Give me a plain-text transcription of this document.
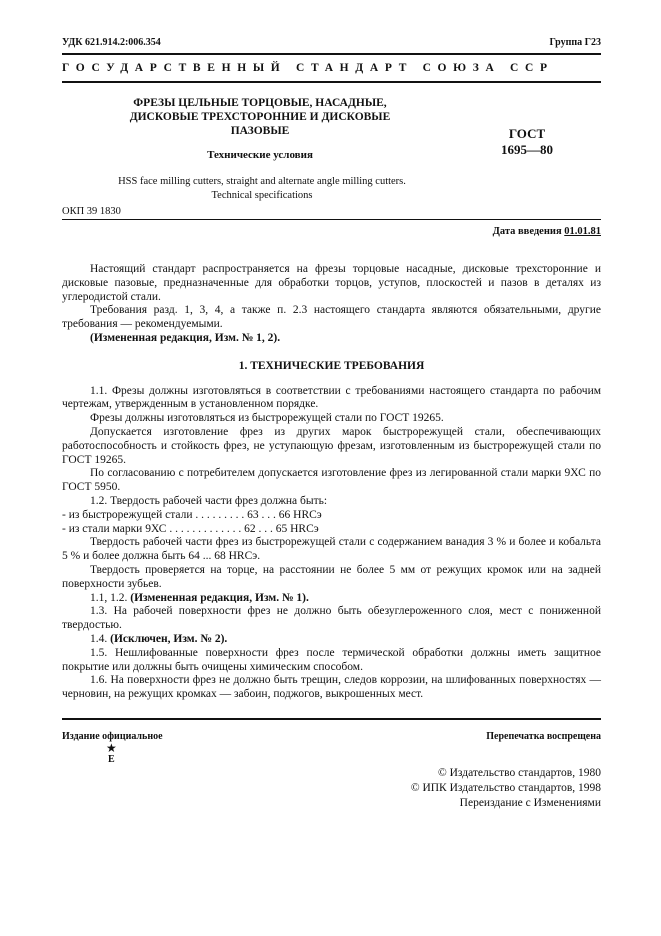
УДК 621.914.2:006.354	Группа Г23
ГОСУДАРСТВЕННЫЙ СТАНДАРТ СОЮЗА ССР
ФРЕЗЫ ЦЕЛЬНЫЕ ТОРЦОВЫЕ, НАСАДНЫЕ,
ДИСКОВЫЕ ТРЕХСТОРОННИЕ И ДИСКОВЫЕ
ПАЗОВЫЕ	ГОСТ
1695—80
Технические условия
HSS face milling cutters, straight and alternate angle milling cutters.
Technical specifications
ОКП 39 1830
Дата введения 01.01.81

Настоящий стандарт распространяется на фрезы торцовые насадные, дисковые трехсторонние и дисковые пазовые, предназначенные для обработки торцов, уступов, плоскостей и пазов в деталях из углеродистой стали.

Требования разд. 1, 3, 4, а также п. 2.3 настоящего стандарта являются обязательными, другие требования — рекомендуемыми.

(Измененная редакция, Изм. № 1, 2).

1. ТЕХНИЧЕСКИЕ ТРЕБОВАНИЯ

1.1. Фрезы должны изготовляться в соответствии с требованиями настоящего стандарта по рабочим чертежам, утвержденным в установленном порядке.

Фрезы должны изготовляться из быстрорежущей стали по ГОСТ 19265.

Допускается изготовление фрез из других марок быстрорежущей стали, обеспечивающих работоспособность и стойкость фрез, не уступающую фрезам, изготовленным из быстрорежущей стали по ГОСТ 19265.

По согласованию с потребителем допускается изготовление фрез из легированной стали марки 9ХС по ГОСТ 5950.

1.2. Твердость рабочей части фрез должна быть:

- из быстрорежущей стали . . . . . . . . . 63 . . . 66 HRCэ

- из стали марки 9ХС . . . . . . . . . . . . . 62 . . . 65 HRCэ

Твердость рабочей части фрез из быстрорежущей стали с содержанием ванадия 3 % и более и кобальта 5 % и более должна быть 64 ... 68 HRCэ.

Твердость проверяется на торце, на расстоянии не более 5 мм от режущих кромок или на задней поверхности зубьев.

1.1, 1.2. (Измененная редакция, Изм. № 1).

1.3. На рабочей поверхности фрез не должно быть обезуглероженного слоя, мест с пониженной твердостью.

1.4. (Исключен, Изм. № 2).

1.5. Нешлифованные поверхности фрез после термической обработки должны иметь защитное покрытие или должны быть очищены химическим способом.

1.6. На поверхности фрез не должно быть трещин, следов коррозии, на шлифованных поверхностях — черновин, на режущих кромках — забоин, поджогов, выкрошенных мест.

Издание официальное	Перепечатка воспрещена
★
E
© Издательство стандартов, 1980
© ИПК Издательство стандартов, 1998
Переиздание с Изменениями
